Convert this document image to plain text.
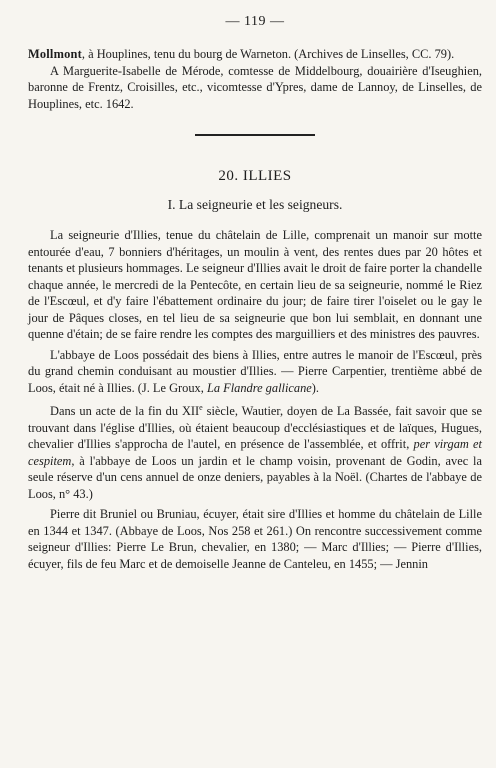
— 119 —

Mollmont, à Houplines, tenu du bourg de Warneton. (Archives de Linselles, CC. 79).

A Marguerite-Isabelle de Mérode, comtesse de Middelbourg, douairière d'Iseughien, baronne de Frentz, Croisilles, etc., vicomtesse d'Ypres, dame de Lannoy, de Linselles, de Houplines, etc. 1642.

20. ILLIES
I. La seigneurie et les seigneurs.

La seigneurie d'Illies, tenue du châtelain de Lille, comprenait un manoir sur motte entourée d'eau, 7 bonniers d'héritages, un moulin à vent, des rentes dues par 20 hôtes et tenants et plusieurs hommages. Le seigneur d'Illies avait le droit de faire porter la chandelle chaque année, le mercredi de la Pentecôte, en certain lieu de sa seigneurie, nommé le Riez de l'Escœul, et d'y faire l'ébattement ordinaire du jour; de faire tirer l'oiselet ou le gay le jour de Pâques closes, en tel lieu de sa seigneurie que bon lui semblait, en donnant une quenne d'étain; de se faire rendre les comptes des marguilliers et des ministres des pauvres.

L'abbaye de Loos possédait des biens à Illies, entre autres le manoir de l'Escœul, près du grand chemin conduisant au moustier d'Illies. — Pierre Carpentier, trentième abbé de Loos, était né à Illies. (J. Le Groux, La Flandre gallicane).

Dans un acte de la fin du XIIe siècle, Wautier, doyen de La Bassée, fait savoir que se trouvant dans l'église d'Illies, où étaient beaucoup d'ecclésiastiques et de laïques, Hugues, chevalier d'Illies s'approcha de l'autel, en présence de l'assemblée, et offrit, per virgam et cespitem, à l'abbaye de Loos un jardin et le champ voisin, provenant de Godin, avec la seule réserve d'un cens annuel de onze deniers, payables à la Noël. (Chartes de l'abbaye de Loos, n° 43.)

Pierre dit Bruniel ou Bruniau, écuyer, était sire d'Illies et homme du châtelain de Lille en 1344 et 1347. (Abbaye de Loos, Nos 258 et 261.) On rencontre successivement comme seigneur d'Illies: Pierre Le Brun, chevalier, en 1380; — Marc d'Illies; — Pierre d'Illies, écuyer, fils de feu Marc et de demoiselle Jeanne de Canteleu, en 1455; — Jennin
